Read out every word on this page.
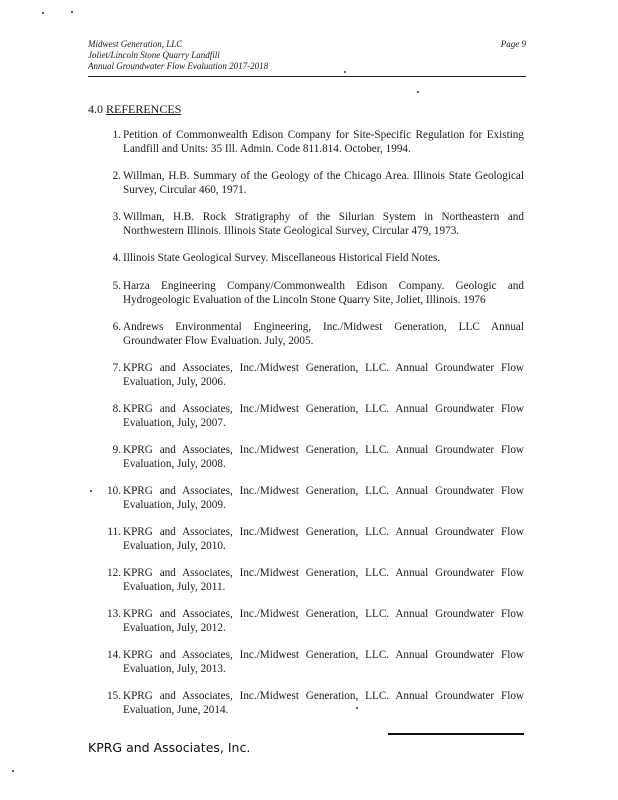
Midwest Generation, LLC
Joliet/Lincoln Stone Quarry Landfill
Annual Groundwater Flow Evaluation 2017-2018
Page 9
4.0 REFERENCES
1. Petition of Commonwealth Edison Company for Site-Specific Regulation for Existing Landfill and Units: 35 Ill. Admin. Code 811.814. October, 1994.
2. Willman, H.B. Summary of the Geology of the Chicago Area. Illinois State Geological Survey, Circular 460, 1971.
3. Willman, H.B. Rock Stratigraphy of the Silurian System in Northeastern and Northwestern Illinois. Illinois State Geological Survey, Circular 479, 1973.
4. Illinois State Geological Survey. Miscellaneous Historical Field Notes.
5. Harza Engineering Company/Commonwealth Edison Company. Geologic and Hydrogeologic Evaluation of the Lincoln Stone Quarry Site, Joliet, Illinois. 1976
6. Andrews Environmental Engineering, Inc./Midwest Generation, LLC Annual Groundwater Flow Evaluation. July, 2005.
7. KPRG and Associates, Inc./Midwest Generation, LLC. Annual Groundwater Flow Evaluation, July, 2006.
8. KPRG and Associates, Inc./Midwest Generation, LLC. Annual Groundwater Flow Evaluation, July, 2007.
9. KPRG and Associates, Inc./Midwest Generation, LLC. Annual Groundwater Flow Evaluation, July, 2008.
10. KPRG and Associates, Inc./Midwest Generation, LLC. Annual Groundwater Flow Evaluation, July, 2009.
11. KPRG and Associates, Inc./Midwest Generation, LLC. Annual Groundwater Flow Evaluation, July, 2010.
12. KPRG and Associates, Inc./Midwest Generation, LLC. Annual Groundwater Flow Evaluation, July, 2011.
13. KPRG and Associates, Inc./Midwest Generation, LLC. Annual Groundwater Flow Evaluation, July, 2012.
14. KPRG and Associates, Inc./Midwest Generation, LLC. Annual Groundwater Flow Evaluation, July, 2013.
15. KPRG and Associates, Inc./Midwest Generation, LLC. Annual Groundwater Flow Evaluation, June, 2014.
KPRG and Associates, Inc.
